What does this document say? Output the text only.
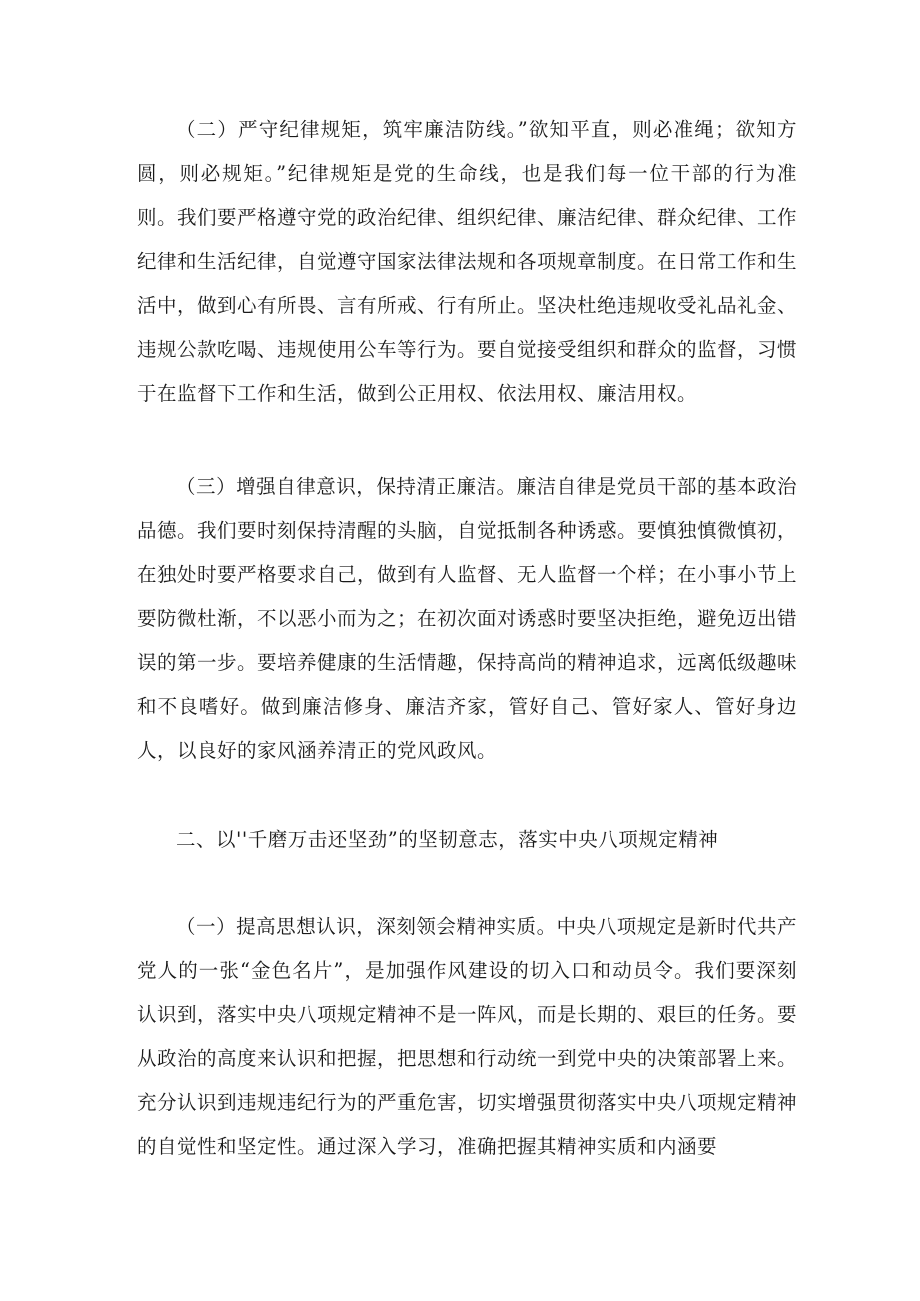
（二）严守纪律规矩，筑牢廉洁防线。”欲知平直，则必准绳；欲知方圆，则必规矩。”纪律规矩是党的生命线，也是我们每一位干部的行为准则。我们要严格遵守党的政治纪律、组织纪律、廉洁纪律、群众纪律、工作纪律和生活纪律，自觉遵守国家法律法规和各项规章制度。在日常工作和生活中，做到心有所畏、言有所戒、行有所止。坚决杜绝违规收受礼品礼金、违规公款吃喝、违规使用公车等行为。要自觉接受组织和群众的监督，习惯于在监督下工作和生活，做到公正用权、依法用权、廉洁用权。

（三）增强自律意识，保持清正廉洁。廉洁自律是党员干部的基本政治品德。我们要时刻保持清醒的头脑，自觉抵制各种诱惑。要慎独慎微慎初，在独处时要严格要求自己，做到有人监督、无人监督一个样；在小事小节上要防微杜渐，不以恶小而为之；在初次面对诱惑时要坚决拒绝，避免迈出错误的第一步。要培养健康的生活情趣，保持高尚的精神追求，远离低级趣味和不良嗜好。做到廉洁修身、廉洁齐家，管好自己、管好家人、管好身边人，以良好的家风涵养清正的党风政风。

二、以''千磨万击还坚劲”的坚韧意志，落实中央八项规定精神

（一）提高思想认识，深刻领会精神实质。中央八项规定是新时代共产党人的一张“金色名片”，是加强作风建设的切入口和动员令。我们要深刻认识到，落实中央八项规定精神不是一阵风，而是长期的、艰巨的任务。要从政治的高度来认识和把握，把思想和行动统一到党中央的决策部署上来。充分认识到违规违纪行为的严重危害，切实增强贯彻落实中央八项规定精神的自觉性和坚定性。通过深入学习，准确把握其精神实质和内涵要
